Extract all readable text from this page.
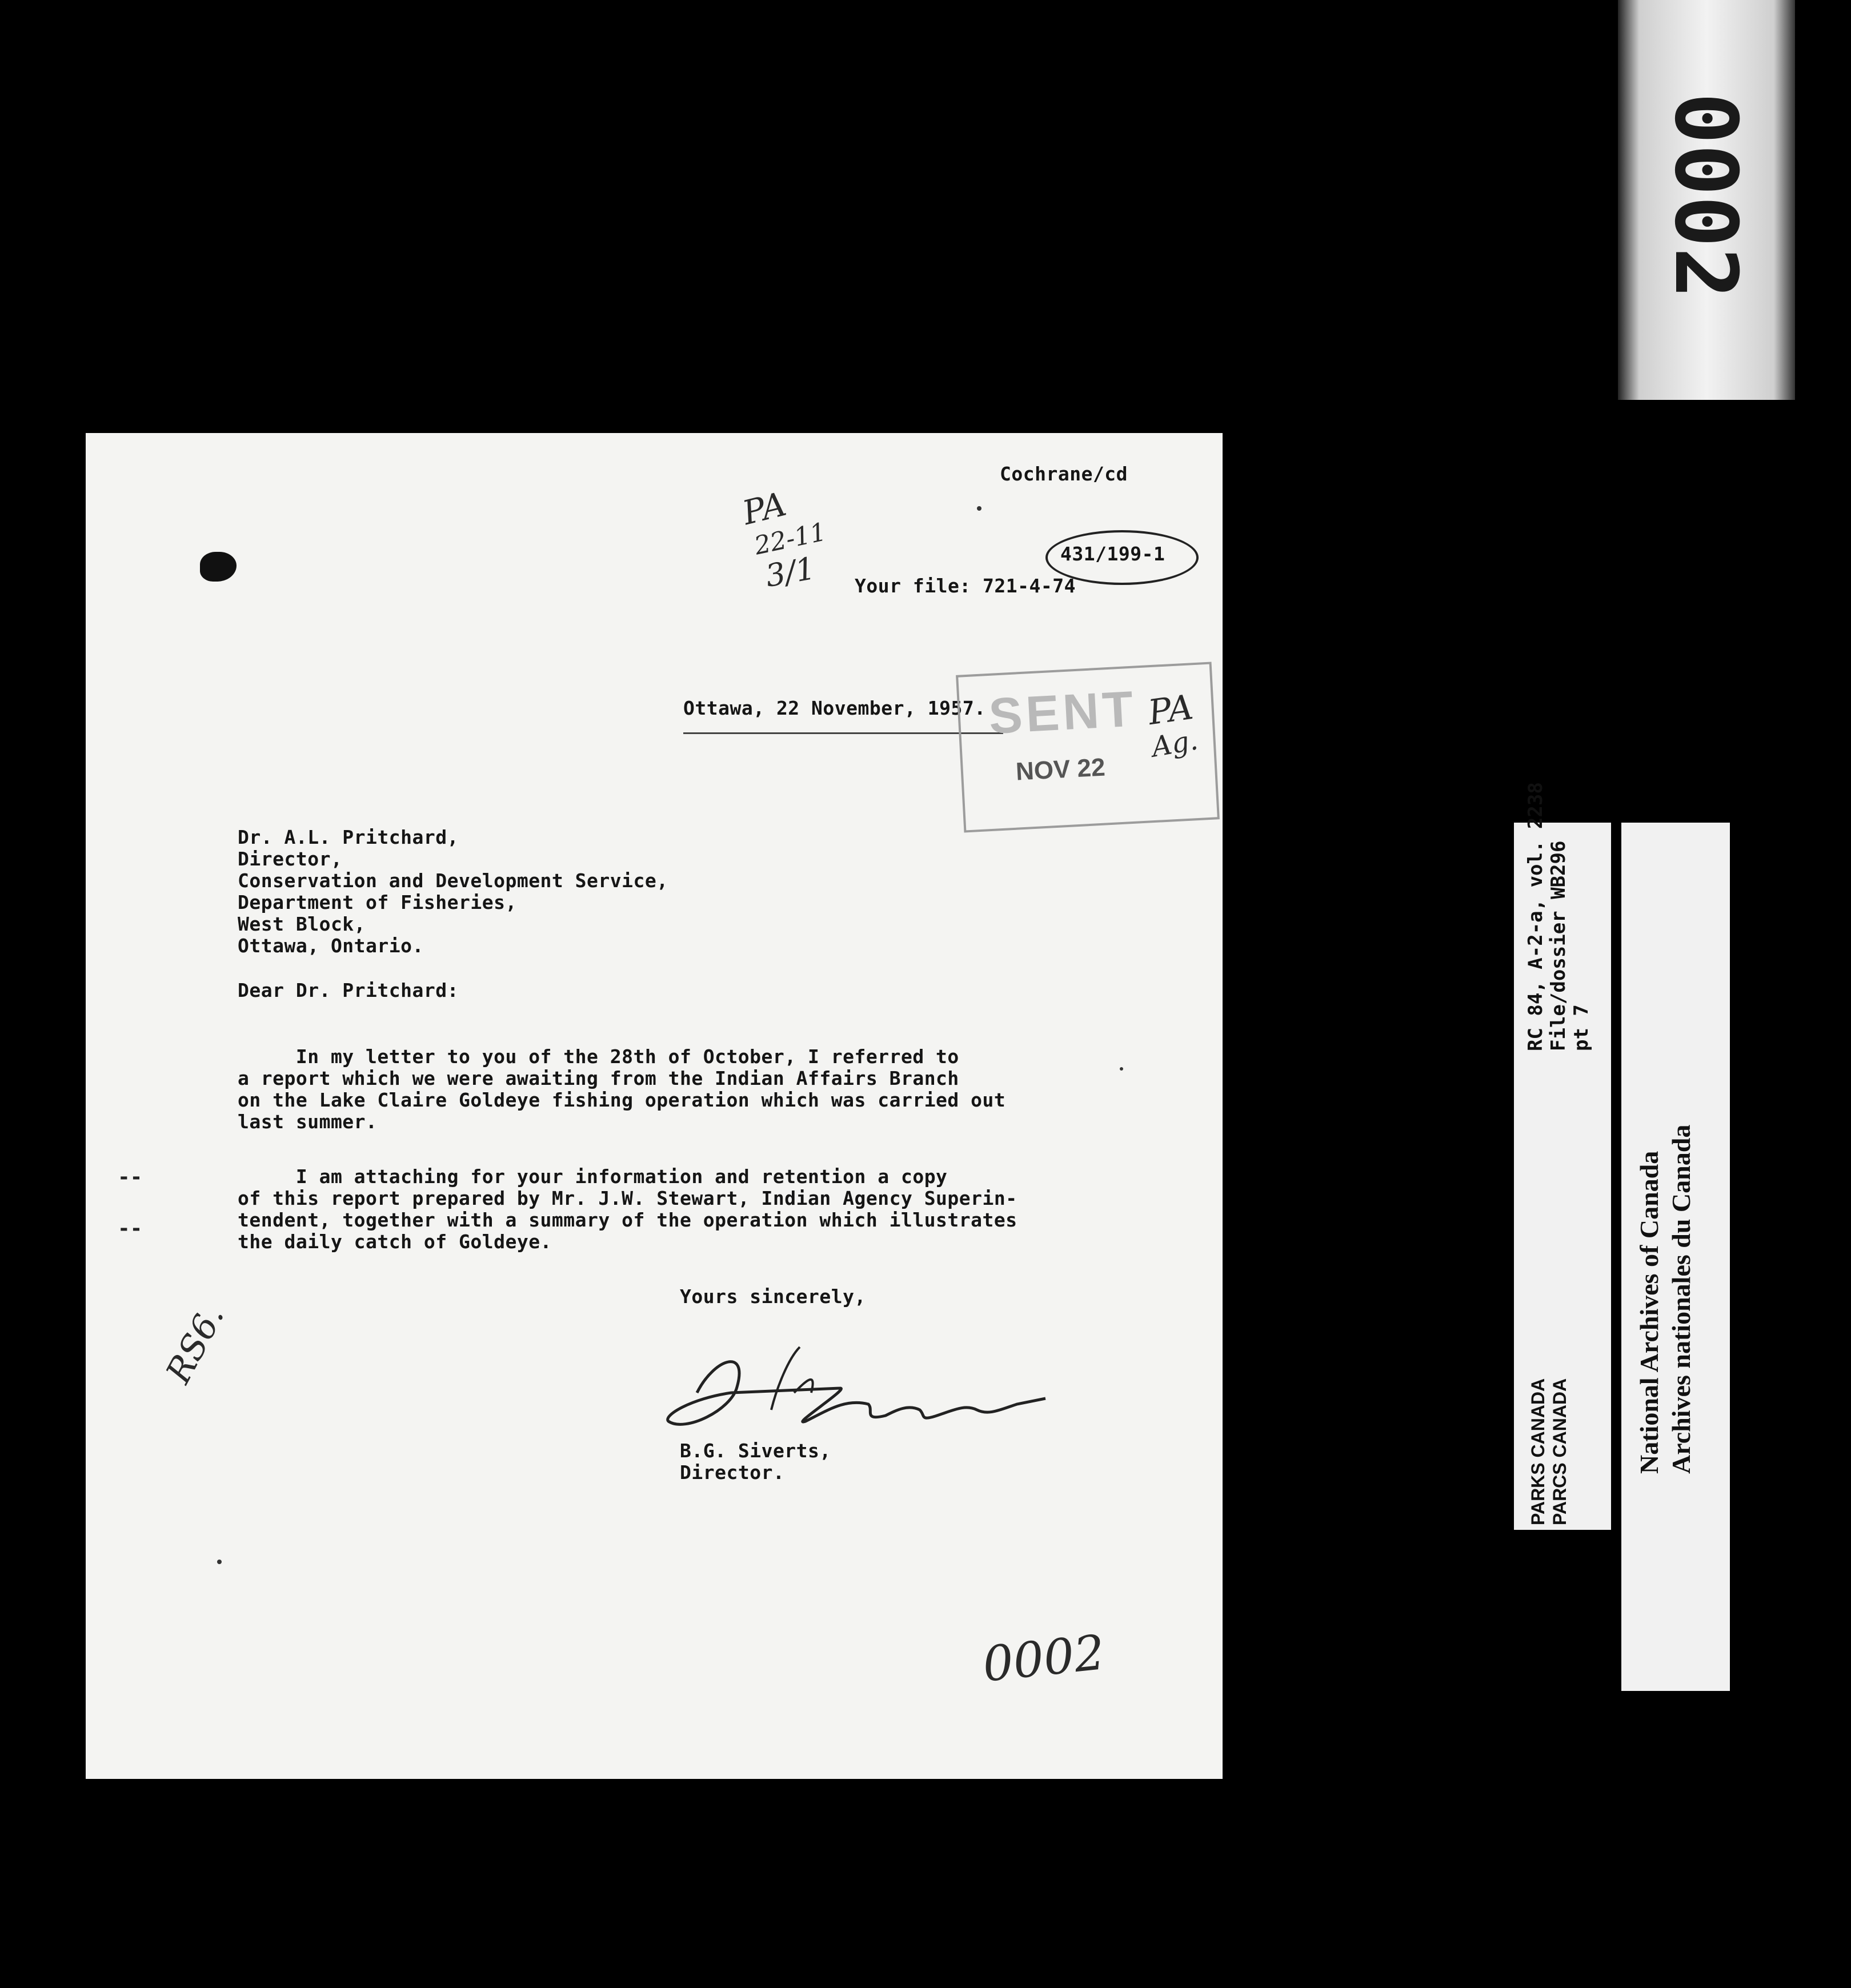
0002
RC 84, A-2-a, vol. 2238 File/dossier WB296 pt 7
PARKS CANADA PARCS CANADA National Archives of Canada Archives nationales du Canada
Cochrane/cd
431/199-1
Your file: 721-4-74
Ottawa, 22 November, 1957. SENT
NOV 22
Dr. A.L. Pritchard,
Director,
Conservation and Development Service,
Department of Fisheries,
West Block,
Ottawa, Ontario.
Dear Dr. Pritchard:
In my letter to you of the 28th of October, I referred to
a report which we were awaiting from the Indian Affairs Branch
on the Lake Claire Goldeye fishing operation which was carried out
last summer.
--
--
I am attaching for your information and retention a copy
of this report prepared by Mr. J.W. Stewart, Indian Agency Superin-
tendent, together with a summary of the operation which illustrates
the daily catch of Goldeye.
Yours sincerely,
B.G. Siverts,
Director.
PA
22-11
3/1
PA
Ag.
RS6.
0002
